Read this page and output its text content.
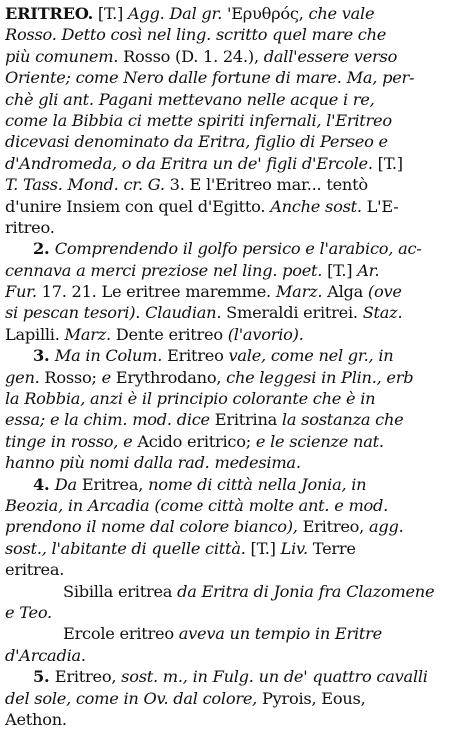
ERITREO. [T.] Agg. Dal gr. 'Ερυθρός, che vale
Rosso. Detto così nel ling. scritto quel mare che
più comunem. Rosso (D. 1. 24.), dall'essere verso
Oriente; come Nero dalle fortune di mare. Ma, per-
chè gli ant. Pagani mettevano nelle acque i re,
come la Bibbia ci mette spiriti infernali, l'Eritreo
dicevasi denominato da Eritra, figlio di Perseo e
d'Andromeda, o da Eritra un de' figli d'Ercole. [T.]
T. Tass. Mond. cr. G. 3. E l'Eritreo mar... tentò
d'unire Insiem con quel d'Egitto. Anche sost. L'E-
ritreo.
2. Comprendendo il golfo persico e l'arabico, ac-
cennava a merci preziose nel ling. poet. [T.] Ar.
Fur. 17. 21. Le eritree maremme. Marz. Alga (ove
si pescan tesori). Claudian. Smeraldi eritrei. Staz.
Lapilli. Marz. Dente eritreo (l'avorio).
3. Ma in Colum. Eritreo vale, come nel gr., in
gen. Rosso; e Erythrodano, che leggesi in Plin., erb
la Robbia, anzi è il principio colorante che è in
essa; e la chim. mod. dice Eritrina la sostanza che
tinge in rosso, e Acido eritrico; e le scienze nat.
hanno più nomi dalla rad. medesima.
4. Da Eritrea, nome di città nella Jonia, in
Beozia, in Arcadia (come città molte ant. e mod.
prendono il nome dal colore bianco), Eritreo, agg.
sost., l'abitante di quelle città. [T.] Liv. Terre
eritrea.
Sibilla eritrea da Eritra di Jonia fra Clazomene
e Teo.
Ercole eritreo aveva un tempio in Eritre
d'Arcadia.
5. Eritreo, sost. m., in Fulg. un de' quattro cavalli
del sole, come in Ov. dal colore, Pyrois, Eous,
Aethon.
